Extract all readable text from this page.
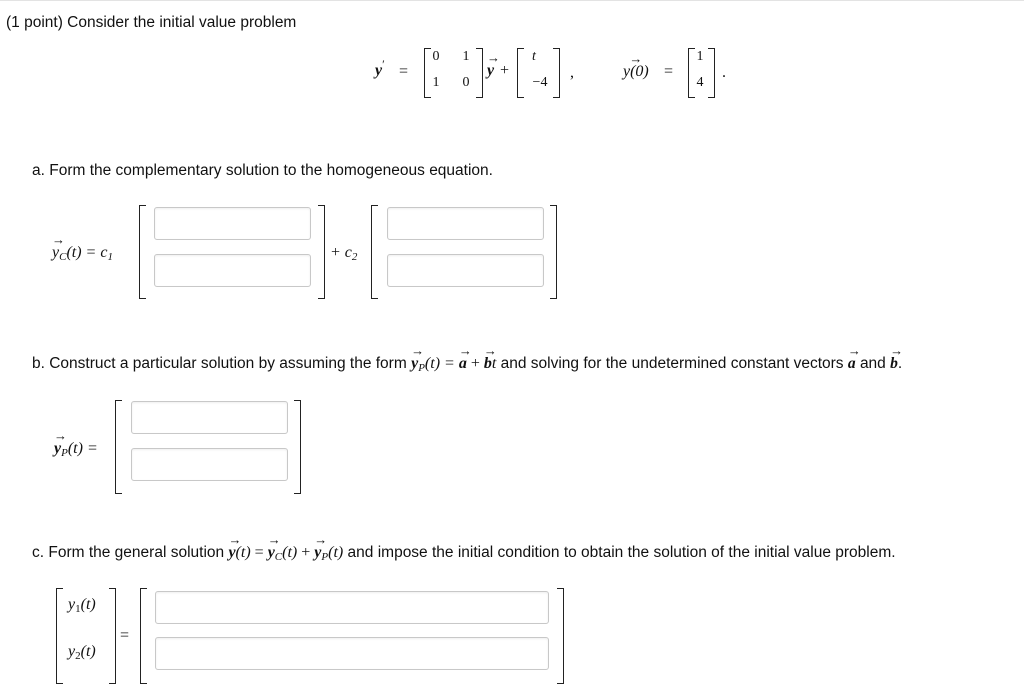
(1 point) Consider the initial value problem
y′ =
0	1
1	0
y → +
t
−4
,	y(0) → =
1
4
.
a. Form the complementary solution to the homogeneous equation.
$y \to_C(t) = c_1$	+ $c_2$
b. Construct a particular solution by assuming the form $y \to_P(t) = a$ → + b →t and solving for the undetermined constant vectors a → and b →.
$y \to_P(t)$ =
c. Form the general solution $y \to(t) = y \to_C(t) + y \to_P(t)$ and impose the initial condition to obtain the solution of the initial value problem.
$y_1(t)$
$y_2(t)$
=
